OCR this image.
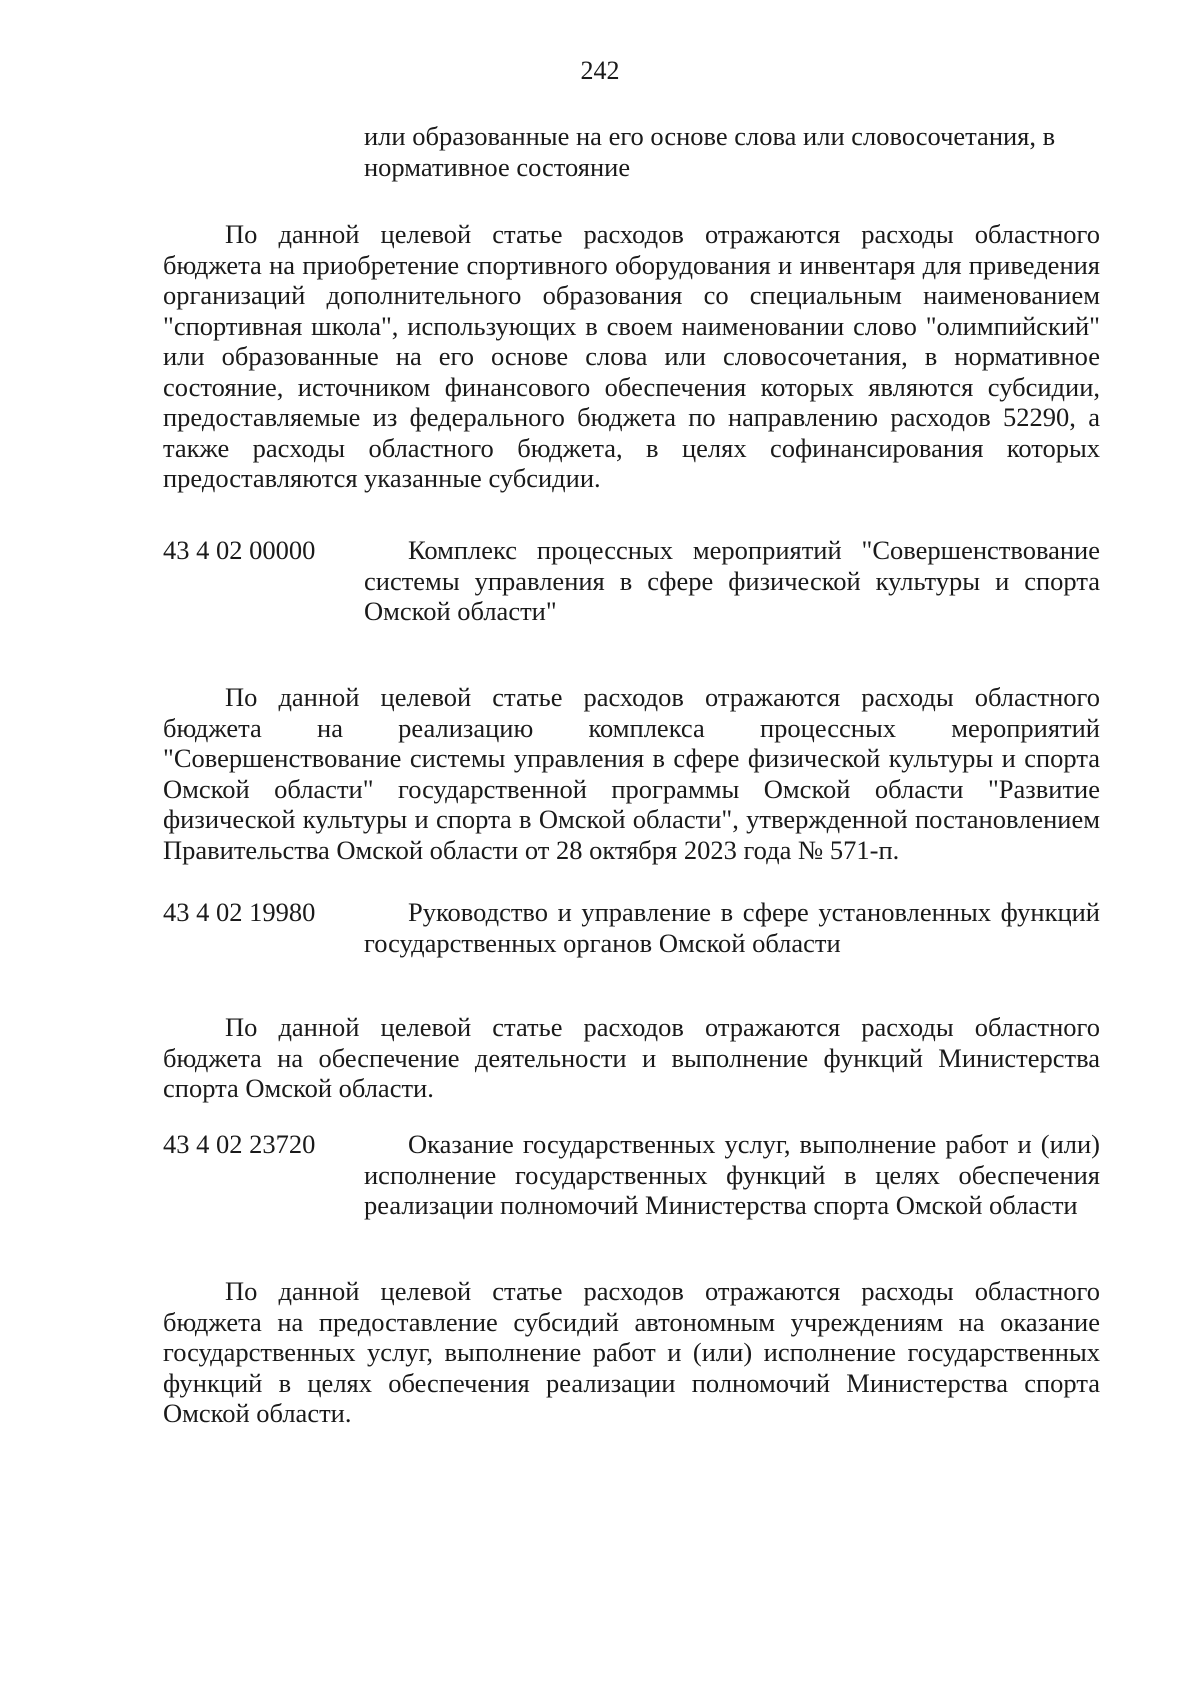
242
или образованные на его основе слова или словосочетания, в нормативное состояние
По данной целевой статье расходов отражаются расходы областного бюджета на приобретение спортивного оборудования и инвентаря для приведения организаций дополнительного образования со специальным наименованием "спортивная школа", использующих в своем наименовании слово "олимпийский" или образованные на его основе слова или словосочетания, в нормативное состояние, источником финансового обеспечения которых являются субсидии, предоставляемые из федерального бюджета по направлению расходов 52290, а также расходы областного бюджета, в целях софинансирования которых предоставляются указанные субсидии.
43 4 02 00000	Комплекс процессных мероприятий "Совершенствование системы управления в сфере физической культуры и спорта Омской области"
По данной целевой статье расходов отражаются расходы областного бюджета на реализацию комплекса процессных мероприятий "Совершенствование системы управления в сфере физической культуры и спорта Омской области" государственной программы Омской области "Развитие физической культуры и спорта в Омской области", утвержденной постановлением Правительства Омской области от 28 октября 2023 года № 571-п.
43 4 02 19980	Руководство и управление в сфере установленных функций государственных органов Омской области
По данной целевой статье расходов отражаются расходы областного бюджета на обеспечение деятельности и выполнение функций Министерства спорта Омской области.
43 4 02 23720	Оказание государственных услуг, выполнение работ и (или) исполнение государственных функций в целях обеспечения реализации полномочий Министерства спорта Омской области
По данной целевой статье расходов отражаются расходы областного бюджета на предоставление субсидий автономным учреждениям на оказание государственных услуг, выполнение работ и (или) исполнение государственных функций в целях обеспечения реализации полномочий Министерства спорта Омской области.
